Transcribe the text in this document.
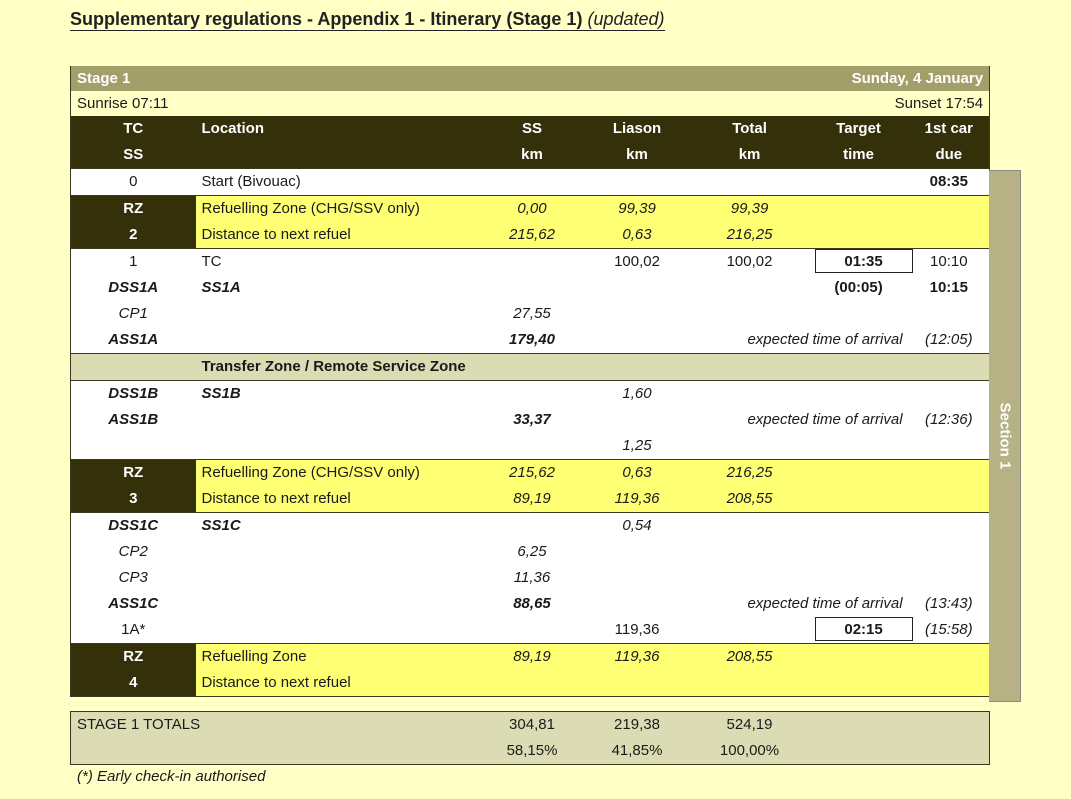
Supplementary regulations - Appendix 1 - Itinerary (Stage 1) (updated)
Stage 1				Sunday, 4 January		
Sunrise 07:11				Sunset 17:54		
TC	Location	SS	Liason	Total	Target	1st car
SS		km	km	km	time	due
0	Start (Bivouac)					08:35
RZ	Refuelling Zone (CHG/SSV only)	0,00	99,39	99,39		
2	Distance to next refuel	215,62	0,63	216,25		
1	TC		100,02	100,02	01:35	10:10
DSS1A	SS1A				(00:05)	10:15
CP1		27,55				
ASS1A		179,40	expected time of arrival			(12:05)
	Transfer Zone / Remote Service Zone					
DSS1B	SS1B		1,60			
ASS1B		33,37	expected time of arrival			(12:36)
			1,25			
RZ	Refuelling Zone (CHG/SSV only)	215,62	0,63	216,25		
3	Distance to next refuel	89,19	119,36	208,55		
DSS1C	SS1C		0,54			
CP2		6,25				
CP3		11,36				
ASS1C		88,65	expected time of arrival			(13:43)
1A*			119,36		02:15	(15:58)
RZ	Refuelling Zone	89,19	119,36	208,55		
4	Distance to next refuel					
Section 1
STAGE 1 TOTALS	304,81	219,38	524,19	
	58,15%	41,85%	100,00%	
(*) Early check-in authorised
